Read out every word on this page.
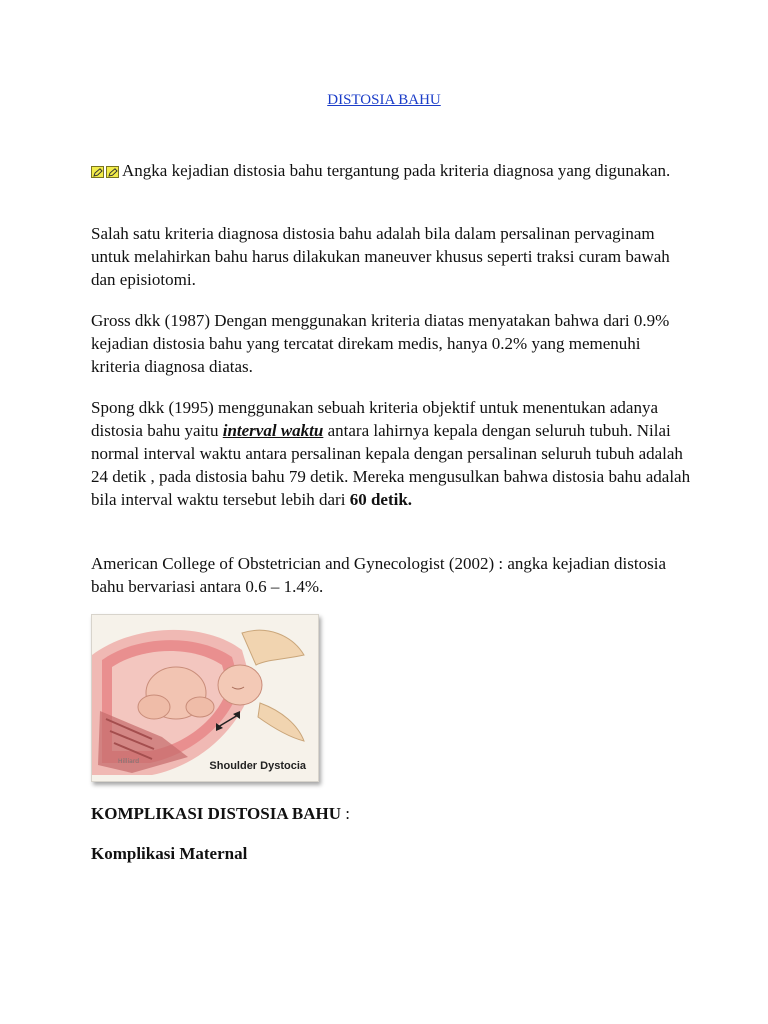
DISTOSIA BAHU

Angka kejadian distosia bahu tergantung pada kriteria diagnosa yang digunakan.

Salah satu kriteria diagnosa distosia bahu adalah bila dalam persalinan pervaginam untuk melahirkan bahu harus dilakukan maneuver khusus seperti traksi curam bawah dan episiotomi.

Gross dkk (1987) Dengan menggunakan kriteria diatas menyatakan bahwa dari 0.9% kejadian distosia bahu yang tercatat direkam medis, hanya 0.2% yang memenuhi kriteria diagnosa diatas.

Spong dkk (1995) menggunakan sebuah kriteria objektif untuk menentukan adanya distosia bahu yaitu interval waktu antara lahirnya kepala dengan seluruh tubuh. Nilai normal interval waktu antara persalinan kepala dengan persalinan seluruh tubuh adalah 24 detik , pada distosia bahu 79 detik. Mereka mengusulkan bahwa distosia bahu adalah bila interval waktu tersebut lebih dari 60 detik.

American College of Obstetrician and Gynecologist (2002) : angka kejadian distosia bahu bervariasi antara 0.6 – 1.4%.

Hilliard	Shoulder Dystocia

KOMPLIKASI DISTOSIA BAHU :

Komplikasi Maternal
